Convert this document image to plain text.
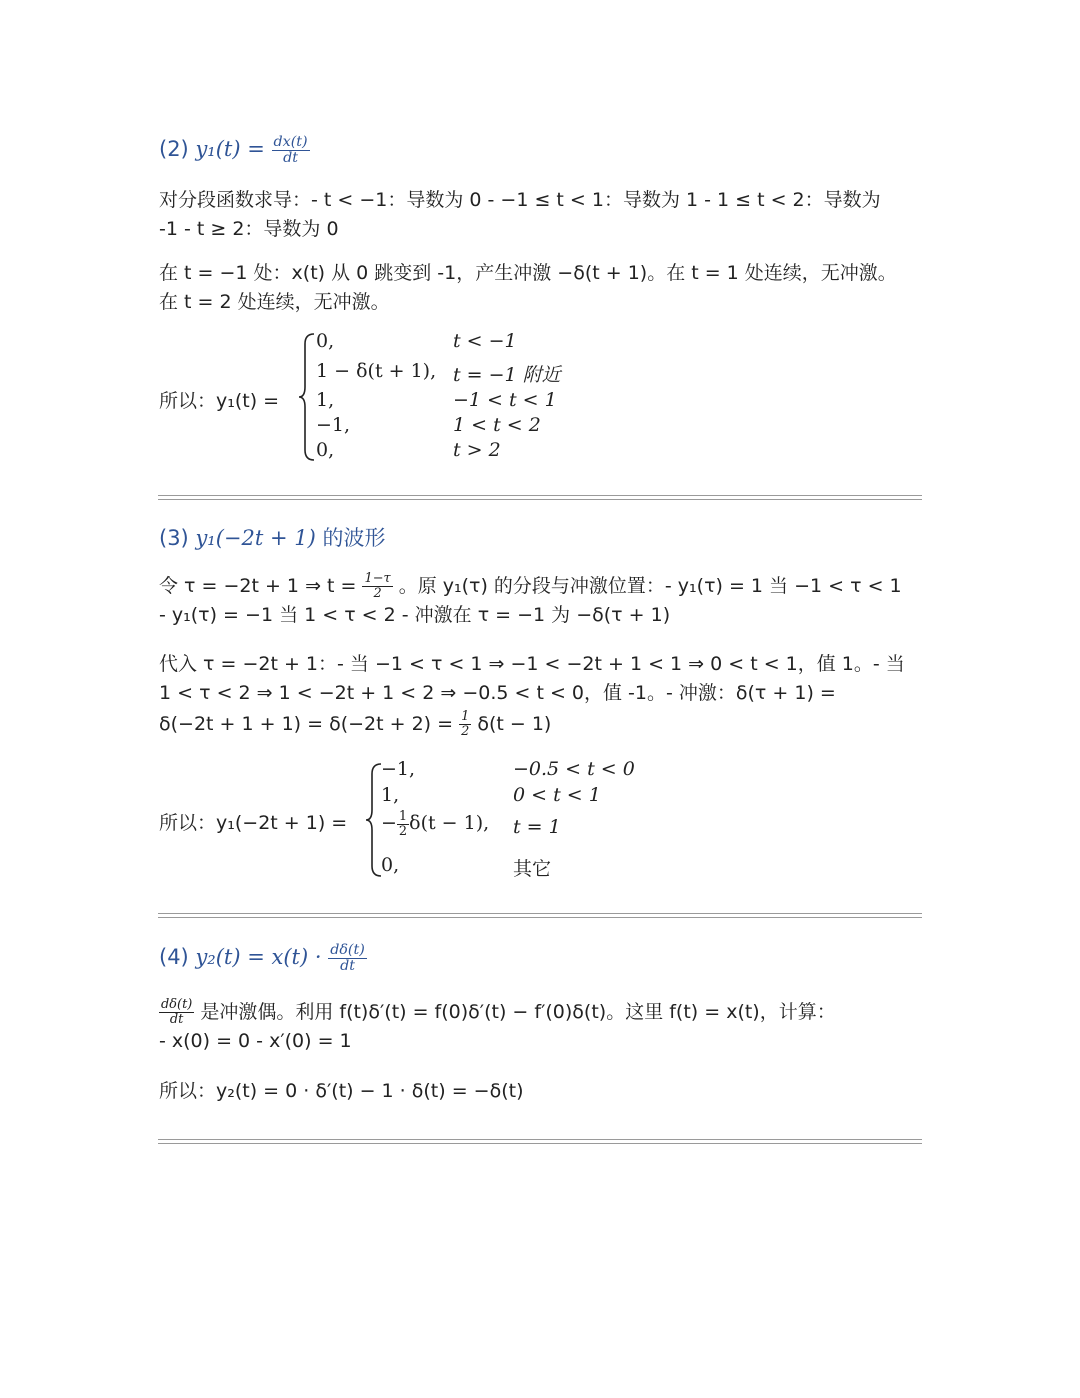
(2) $y_1(t) = \frac{dx(t)}{dt}$
对分段函数求导：- t < −1：导数为 0 - −1 ≤ t < 1：导数为 1 - 1 ≤ t < 2：导数为
-1 - t ≥ 2：导数为 0
在 t = −1 处：x(t) 从 0 跳变到 -1，产生冲激 −δ(t + 1)。在 t = 1 处连续，无冲激。
在 t = 2 处连续，无冲激。
所以：y₁(t) =
0,	t < −1
1 − δ(t + 1), t = −1 附近
1,	−1 < t < 1
−1,	1 < t < 2
0,	t > 2
(3) y₁(−2t + 1) 的波形
令 τ = −2t + 1 ⇒ $t = \frac{1-\tau}{2}$ 。原 y₁(τ) 的分段与冲激位置：- y₁(τ) = 1 当 −1 < τ < 1
- y₁(τ) = −1 当 1 < τ < 2 - 冲激在 τ = −1 为 −δ(τ + 1)
代入 τ = −2t + 1：- 当 −1 < τ < 1 ⇒ −1 < −2t + 1 < 1 ⇒ 0 < t < 1，值 1。- 当
1 < τ < 2 ⇒ 1 < −2t + 1 < 2 ⇒ −0.5 < t < 0，值 -1。- 冲激：δ(τ + 1) =
$\delta(-2t + 1 + 1) = \delta(-2t + 2) = \frac{1}{2} \delta(t - 1)$
所以：y₁(−2t + 1) =
−1,	−0.5 < t < 0
1,	0 < t < 1
− $\frac{1}{2} \delta(t - 1)$, t = 1
0,	其它
(4) $y_2(t) = x(t) \cdot \frac{d\delta(t)}{dt}$
$\frac{d\delta(t)}{dt}$ 是冲激偶。利用 f(t)δ′(t) = f(0)δ′(t) − f′(0)δ(t)。这里 f(t) = x(t)，计算：
- x(0) = 0 - x′(0) = 1
所以：y₂(t) = 0 · δ′(t) − 1 · δ(t) = −δ(t)
